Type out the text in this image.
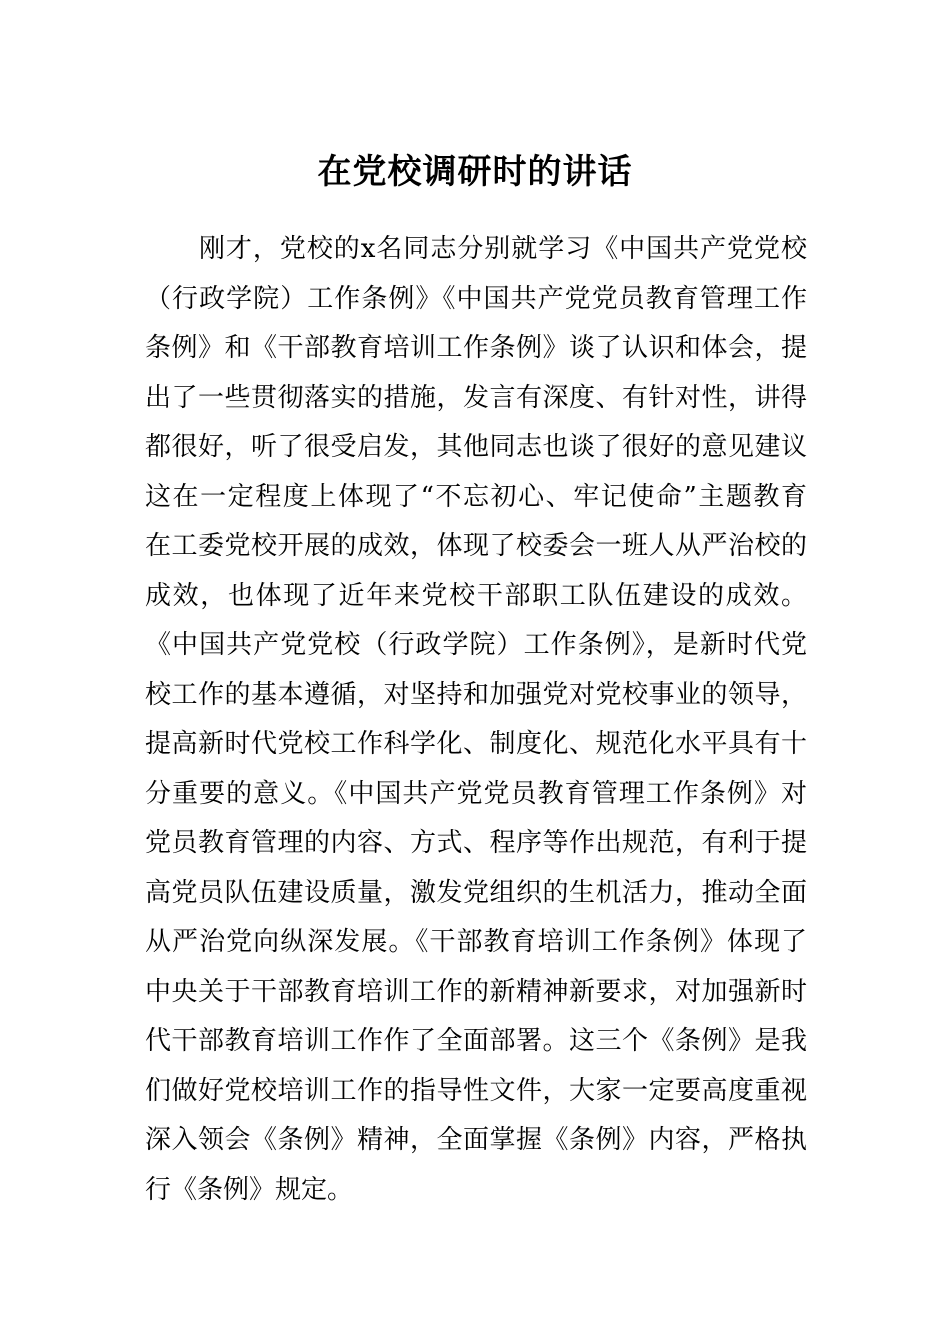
在党校调研时的讲话
　　刚才，党校的x名同志分别就学习《中国共产党党校
（行政学院）工作条例》《中国共产党党员教育管理工作
条例》和《干部教育培训工作条例》谈了认识和体会，提
出了一些贯彻落实的措施，发言有深度、有针对性，讲得
都很好，听了很受启发，其他同志也谈了很好的意见建议
这在一定程度上体现了“不忘初心、牢记使命”主题教育
在工委党校开展的成效，体现了校委会一班人从严治校的
成效，也体现了近年来党校干部职工队伍建设的成效。
《中国共产党党校（行政学院）工作条例》，是新时代党
校工作的基本遵循，对坚持和加强党对党校事业的领导，
提高新时代党校工作科学化、制度化、规范化水平具有十
分重要的意义。《中国共产党党员教育管理工作条例》对
党员教育管理的内容、方式、程序等作出规范，有利于提
高党员队伍建设质量，激发党组织的生机活力，推动全面
从严治党向纵深发展。《干部教育培训工作条例》体现了
中央关于干部教育培训工作的新精神新要求，对加强新时
代干部教育培训工作作了全面部署。这三个《条例》是我
们做好党校培训工作的指导性文件，大家一定要高度重视
深入领会《条例》精神，全面掌握《条例》内容，严格执
行《条例》规定。
